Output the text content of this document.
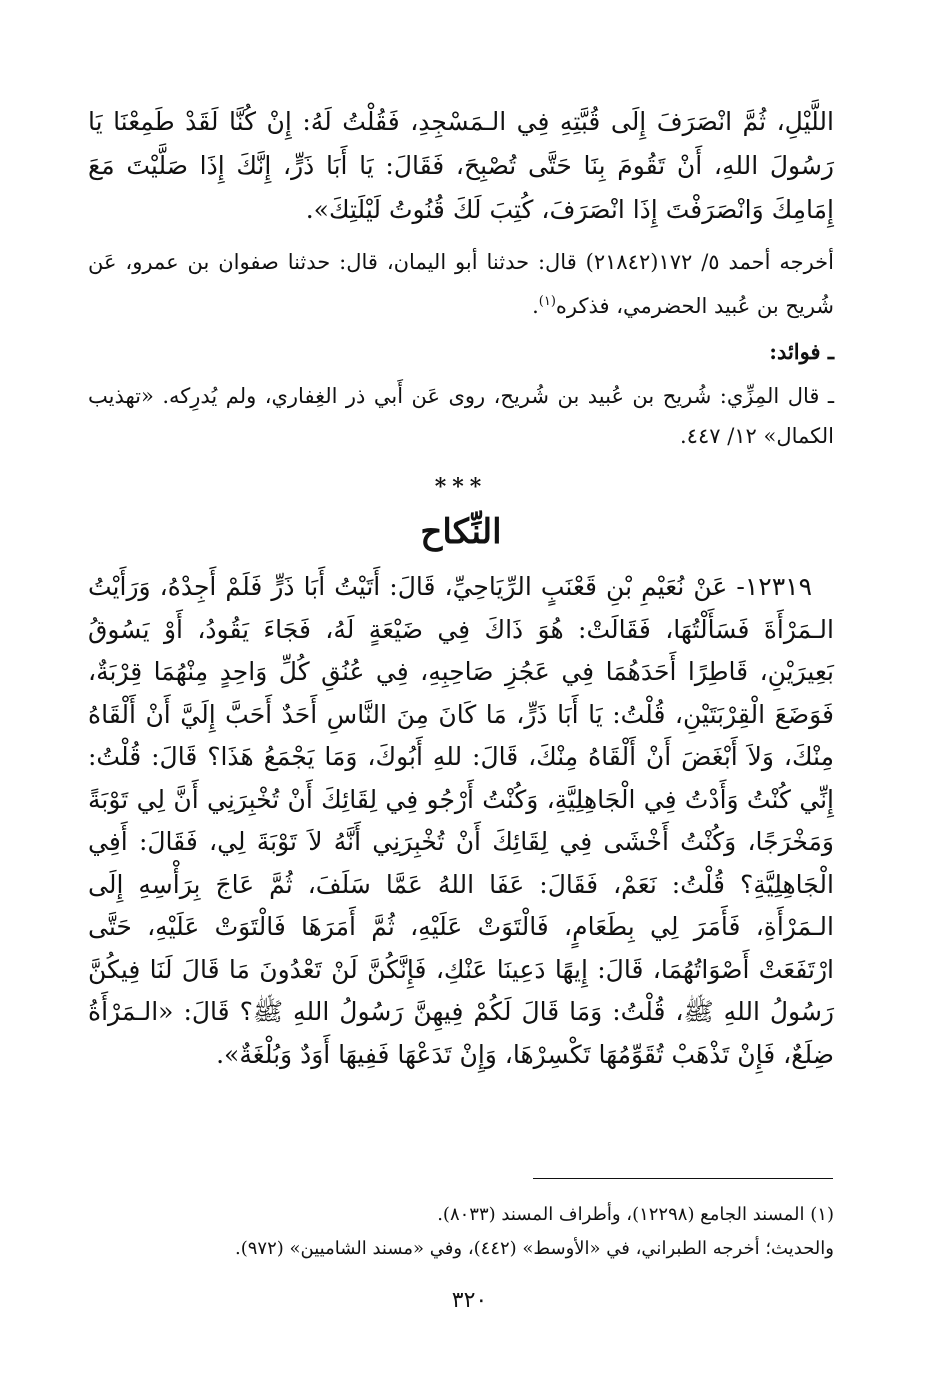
اللَّيْلِ، ثُمَّ انْصَرَفَ إِلَى قُبَّتِهِ فِي الـمَسْجِدِ، فَقُلْتُ لَهُ: إِنْ كُنَّا لَقَدْ طَمِعْنَا يَا رَسُولَ اللهِ، أَنْ تَقُومَ بِنَا حَتَّى تُصْبِحَ، فَقَالَ: يَا أَبَا ذَرٍّ، إِنَّكَ إِذَا صَلَّيْتَ مَعَ إِمَامِكَ وَانْصَرَفْتَ إِذَا انْصَرَفَ، كُتِبَ لَكَ قُنُوتُ لَيْلَتِكَ».

أخرجه أحمد ٥/ ١٧٢(٢١٨٤٢) قال: حدثنا أبو اليمان، قال: حدثنا صفوان بن عمرو، عَن شُريح بن عُبيد الحضرمي، فذكره$^{(١)}$.

ـ فوائد:

ـ قال المِزِّي: شُريح بن عُبيد بن شُريح، روى عَن أَبي ذر الغِفاري، ولم يُدرِكه. «تهذيب الكمال» ١٢/ ٤٤٧.

***
النِّكاح

١٢٣١٩- عَنْ نُعَيْمِ بْنِ قَعْنَبٍ الرِّيَاحِيِّ، قَالَ: أَتَيْتُ أَبَا ذَرٍّ فَلَمْ أَجِدْهُ، وَرَأَيْتُ الـمَرْأَةَ فَسَأَلْتُهَا، فَقَالَتْ: هُوَ ذَاكَ فِي ضَيْعَةٍ لَهُ، فَجَاءَ يَقُودُ، أَوْ يَسُوقُ بَعِيرَيْنِ، قَاطِرًا أَحَدَهُمَا فِي عَجُزِ صَاحِبِهِ، فِي عُنُقِ كُلِّ وَاحِدٍ مِنْهُمَا قِرْبَةٌ، فَوَضَعَ الْقِرْبَتَيْنِ، قُلْتُ: يَا أَبَا ذَرٍّ، مَا كَانَ مِنَ النَّاسِ أَحَدٌ أَحَبَّ إِلَيَّ أَنْ أَلْقَاهُ مِنْكَ، وَلاَ أَبْغَضَ أَنْ أَلْقَاهُ مِنْكَ، قَالَ: للهِ أَبُوكَ، وَمَا يَجْمَعُ هَذَا؟ قَالَ: قُلْتُ: إِنِّي كُنْتُ وَأَدْتُ فِي الْجَاهِلِيَّةِ، وَكُنْتُ أَرْجُو فِي لِقَائِكَ أَنْ تُخْبِرَنِي أَنَّ لِي تَوْبَةً وَمَخْرَجًا، وَكُنْتُ أَخْشَى فِي لِقَائِكَ أَنْ تُخْبِرَنِي أَنَّهُ لاَ تَوْبَةَ لِي، فَقَالَ: أَفِي الْجَاهِلِيَّةِ؟ قُلْتُ: نَعَمْ، فَقَالَ: عَفَا اللهُ عَمَّا سَلَفَ، ثُمَّ عَاجَ بِرَأْسِهِ إِلَى الـمَرْأَةِ، فَأَمَرَ لِي بِطَعَامٍ، فَالْتَوَتْ عَلَيْهِ، ثُمَّ أَمَرَهَا فَالْتَوَتْ عَلَيْهِ، حَتَّى ارْتَفَعَتْ أَصْوَاتُهُمَا، قَالَ: إِيهًا دَعِينَا عَنْكِ، فَإِنَّكُنَّ لَنْ تَعْدُونَ مَا قَالَ لَنَا فِيكُنَّ رَسُولُ اللهِ ﷺ، قُلْتُ: وَمَا قَالَ لَكُمْ فِيهِنَّ رَسُولُ اللهِ ﷺ؟ قَالَ: «الـمَرْأَةُ ضِلَعٌ، فَإِنْ تَذْهَبْ تُقَوِّمُهَا تَكْسِرْهَا، وَإِنْ تَدَعْهَا فَفِيهَا أَوَدٌ وَبُلْغَةٌ».

(١) المسند الجامع (١٢٢٩٨)، وأطراف المسند (٨٠٣٣).

والحديث؛ أخرجه الطبراني، في «الأوسط» (٤٤٢)، وفي «مسند الشاميين» (٩٧٢).

٣٢٠
